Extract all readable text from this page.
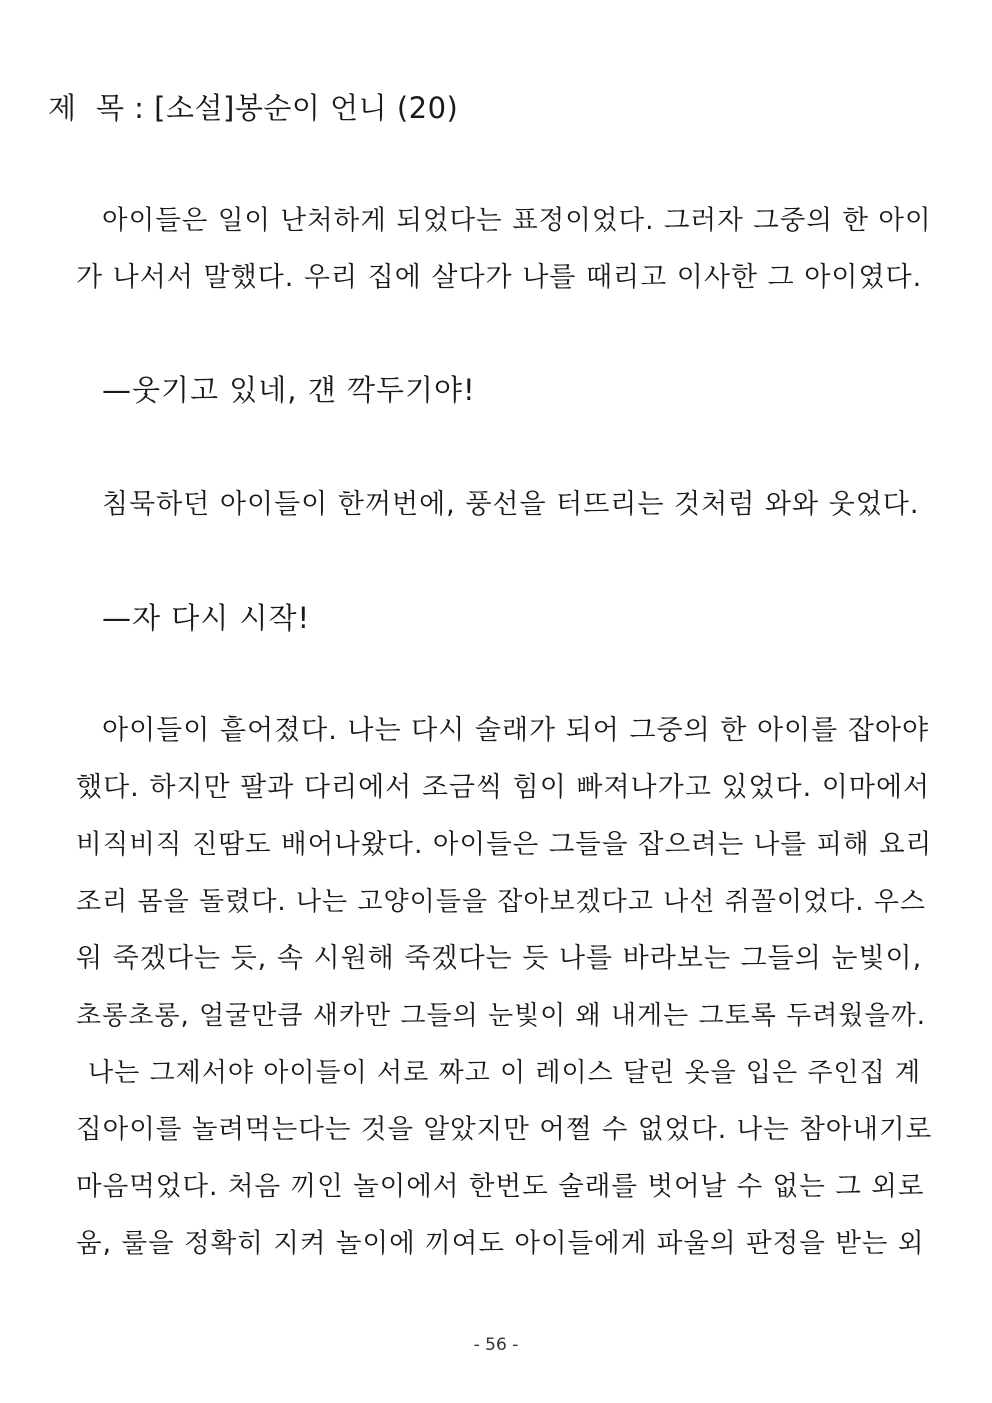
제  목 : [소설]봉순이 언니 (20)
아이들은 일이 난처하게 되었다는 표정이었다. 그러자 그중의 한 아이
가 나서서 말했다. 우리 집에 살다가 나를 때리고 이사한 그 아이였다.
—웃기고 있네, 걘 깍두기야!
침묵하던 아이들이 한꺼번에, 풍선을 터뜨리는 것처럼 와와 웃었다.
—자 다시 시작!
아이들이 흩어졌다. 나는 다시 술래가 되어 그중의 한 아이를 잡아야
했다. 하지만 팔과 다리에서 조금씩 힘이 빠져나가고 있었다. 이마에서
비직비직 진땀도 배어나왔다. 아이들은 그들을 잡으려는 나를 피해 요리
조리 몸을 돌렸다. 나는 고양이들을 잡아보겠다고 나선 쥐꼴이었다. 우스
워 죽겠다는 듯, 속 시원해 죽겠다는 듯 나를 바라보는 그들의 눈빛이,
초롱초롱, 얼굴만큼 새카만 그들의 눈빛이 왜 내게는 그토록 두려웠을까.
나는 그제서야 아이들이 서로 짜고 이 레이스 달린 옷을 입은 주인집 계
집아이를 놀려먹는다는 것을 알았지만 어쩔 수 없었다. 나는 참아내기로
마음먹었다. 처음 끼인 놀이에서 한번도 술래를 벗어날 수 없는 그 외로
움, 룰을 정확히 지켜 놀이에 끼여도 아이들에게 파울의 판정을 받는 외
- 56 -
